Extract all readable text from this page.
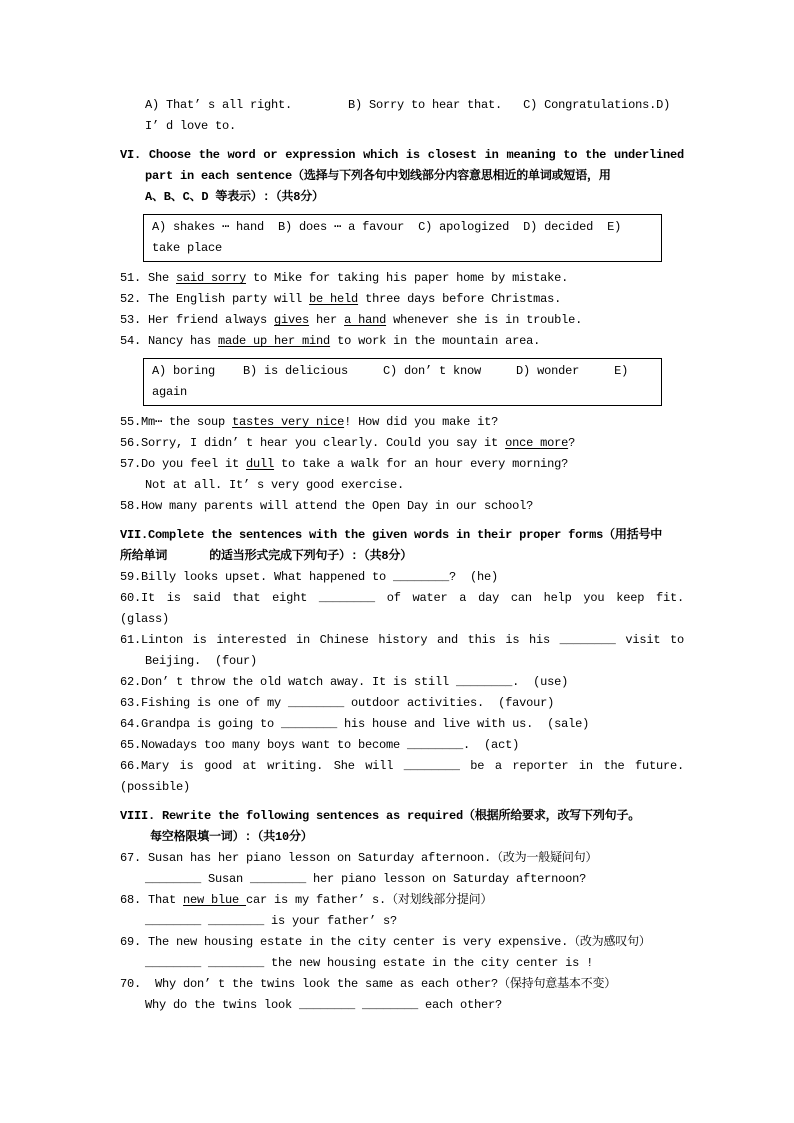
A) That’ s all right.        B) Sorry to hear that.   C) Congratulations.D)
I’ d love to.
VI. Choose the word or expression which is closest in meaning to the underlined
part in each sentence（选择与下列各句中划线部分内容意思相近的单词或短语，用
A、B、C、D 等表示）:（共8分）
A) shakes ⋯ hand  B) does ⋯ a favour  C) apologized  D) decided  E)
take place
51. She said sorry to Mike for taking his paper home by mistake.
52. The English party will be held three days before Christmas.
53. Her friend always gives her a hand whenever she is in trouble.
54. Nancy has made up her mind to work in the mountain area.
A) boring    B) is delicious     C) don’ t know     D) wonder     E)
again
55.Mm⋯ the soup tastes very nice! How did you make it?
56.Sorry, I didn’ t hear you clearly. Could you say it once more?
57.Do you feel it dull to take a walk for an hour every morning?
Not at all. It’ s very good exercise.
58.How many parents will attend the Open Day in our school?
VII.Complete the sentences with the given words in their proper forms（用括号中
所给单词      的适当形式完成下列句子）:（共8分）
59.Billy looks upset. What happened to ________?  (he)
60.It is said that eight ________ of water a day can help you keep fit.
(glass)
61.Linton is interested in Chinese history and this is his ________ visit to
Beijing.  (four)
62.Don’ t throw the old watch away. It is still ________.  (use)
63.Fishing is one of my ________ outdoor activities.  (favour)
64.Grandpa is going to ________ his house and live with us.  (sale)
65.Nowadays too many boys want to become ________.  (act)
66.Mary is good at writing. She will ________ be a reporter in the future.
(possible)
VIII. Rewrite the following sentences as required（根据所给要求，改写下列句子。
每空格限填一词）:（共10分）
67. Susan has her piano lesson on Saturday afternoon.（改为一般疑问句）
________ Susan ________ her piano lesson on Saturday afternoon?
68. That new blue car is my father’ s.（对划线部分提问）
________ ________ is your father’ s?
69. The new housing estate in the city center is very expensive.（改为感叹句）
________ ________ the new housing estate in the city center is !
70.  Why don’ t the twins look the same as each other?（保持句意基本不变）
Why do the twins look ________ ________ each other?
